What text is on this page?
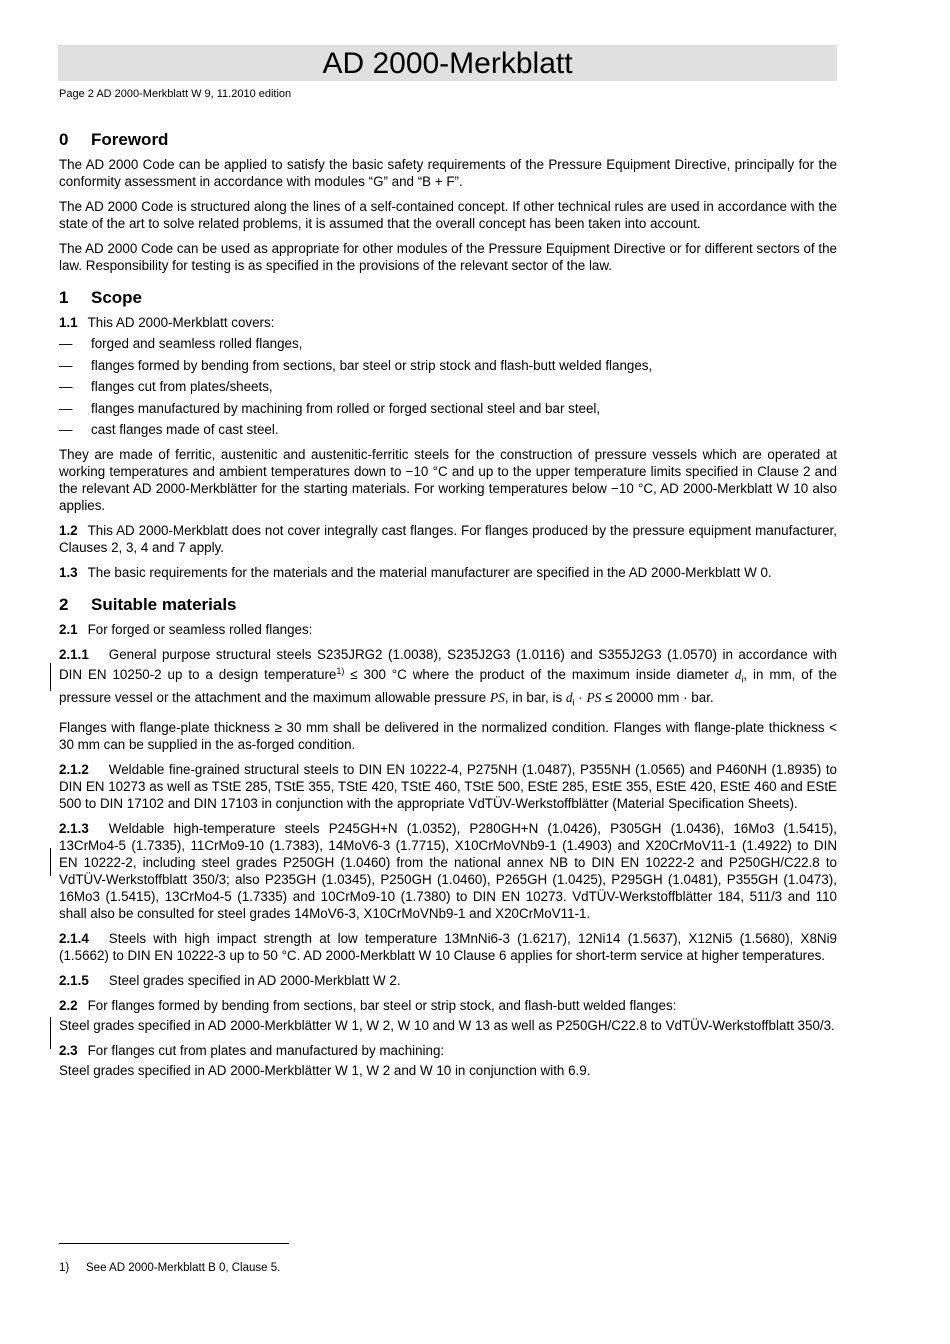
AD 2000-Merkblatt
Page 2 AD 2000-Merkblatt W 9, 11.2010 edition
0 Foreword

The AD 2000 Code can be applied to satisfy the basic safety requirements of the Pressure Equipment Directive, principally for the conformity assessment in accordance with modules “G” and “B + F”.

The AD 2000 Code is structured along the lines of a self-contained concept. If other technical rules are used in accordance with the state of the art to solve related problems, it is assumed that the overall concept has been taken into account.

The AD 2000 Code can be used as appropriate for other modules of the Pressure Equipment Directive or for different sectors of the law. Responsibility for testing is as specified in the provisions of the relevant sector of the law.

1 Scope

1.1 This AD 2000-Merkblatt covers:

— forged and seamless rolled flanges,
— flanges formed by bending from sections, bar steel or strip stock and flash-butt welded flanges,
— flanges cut from plates/sheets,
— flanges manufactured by machining from rolled or forged sectional steel and bar steel,
— cast flanges made of cast steel.

They are made of ferritic, austenitic and austenitic-ferritic steels for the construction of pressure vessels which are operated at working temperatures and ambient temperatures down to −10 °C and up to the upper temperature limits specified in Clause 2 and the relevant AD 2000-Merkblätter for the starting materials. For working temperatures below −10 °C, AD 2000-Merkblatt W 10 also applies.

1.2 This AD 2000-Merkblatt does not cover integrally cast flanges. For flanges produced by the pressure equipment manufacturer, Clauses 2, 3, 4 and 7 apply.

1.3 The basic requirements for the materials and the material manufacturer are specified in the AD 2000-Merkblatt W 0.

2 Suitable materials

2.1 For forged or seamless rolled flanges:

2.1.1 General purpose structural steels S235JRG2 (1.0038), S235J2G3 (1.0116) and S355J2G3 (1.0570) in accordance with DIN EN 10250-2 up to a design temperature$^{1)}$ ≤ 300 °C where the product of the maximum inside diameter $d_i$, in mm, of the pressure vessel or the attachment and the maximum allowable pressure PS, in bar, is $d_i$ · PS ≤ 20000 mm · bar.

Flanges with flange-plate thickness ≥ 30 mm shall be delivered in the normalized condition. Flanges with flange-plate thickness < 30 mm can be supplied in the as-forged condition.

2.1.2 Weldable fine-grained structural steels to DIN EN 10222-4, P275NH (1.0487), P355NH (1.0565) and P460NH (1.8935) to DIN EN 10273 as well as TStE 285, TStE 355, TStE 420, TStE 460, TStE 500, EStE 285, EStE 355, EStE 420, EStE 460 and EStE 500 to DIN 17102 and DIN 17103 in conjunction with the appropriate VdTÜV-Werkstoffblätter (Material Specification Sheets).

2.1.3 Weldable high-temperature steels P245GH+N (1.0352), P280GH+N (1.0426), P305GH (1.0436), 16Mo3 (1.5415), 13CrMo4-5 (1.7335), 11CrMo9-10 (1.7383), 14MoV6-3 (1.7715), X10CrMoVNb9-1 (1.4903) and X20CrMoV11-1 (1.4922) to DIN EN 10222-2, including steel grades P250GH (1.0460) from the national annex NB to DIN EN 10222-2 and P250GH/C22.8 to VdTÜV-Werkstoffblatt 350/3; also P235GH (1.0345), P250GH (1.0460), P265GH (1.0425), P295GH (1.0481), P355GH (1.0473), 16Mo3 (1.5415), 13CrMo4-5 (1.7335) and 10CrMo9-10 (1.7380) to DIN EN 10273. VdTÜV-Werkstoffblätter 184, 511/3 and 110 shall also be consulted for steel grades 14MoV6-3, X10CrMoVNb9-1 and X20CrMoV11-1.

2.1.4 Steels with high impact strength at low temperature 13MnNi6-3 (1.6217), 12Ni14 (1.5637), X12Ni5 (1.5680), X8Ni9 (1.5662) to DIN EN 10222-3 up to 50 °C. AD 2000-Merkblatt W 10 Clause 6 applies for short-term service at higher temperatures.

2.1.5 Steel grades specified in AD 2000-Merkblatt W 2.

2.2 For flanges formed by bending from sections, bar steel or strip stock, and flash-butt welded flanges:

Steel grades specified in AD 2000-Merkblätter W 1, W 2, W 10 and W 13 as well as P250GH/C22.8 to VdTÜV-Werkstoffblatt 350/3.

2.3 For flanges cut from plates and manufactured by machining:

Steel grades specified in AD 2000-Merkblätter W 1, W 2 and W 10 in conjunction with 6.9.

1) See AD 2000-Merkblatt B 0, Clause 5.
